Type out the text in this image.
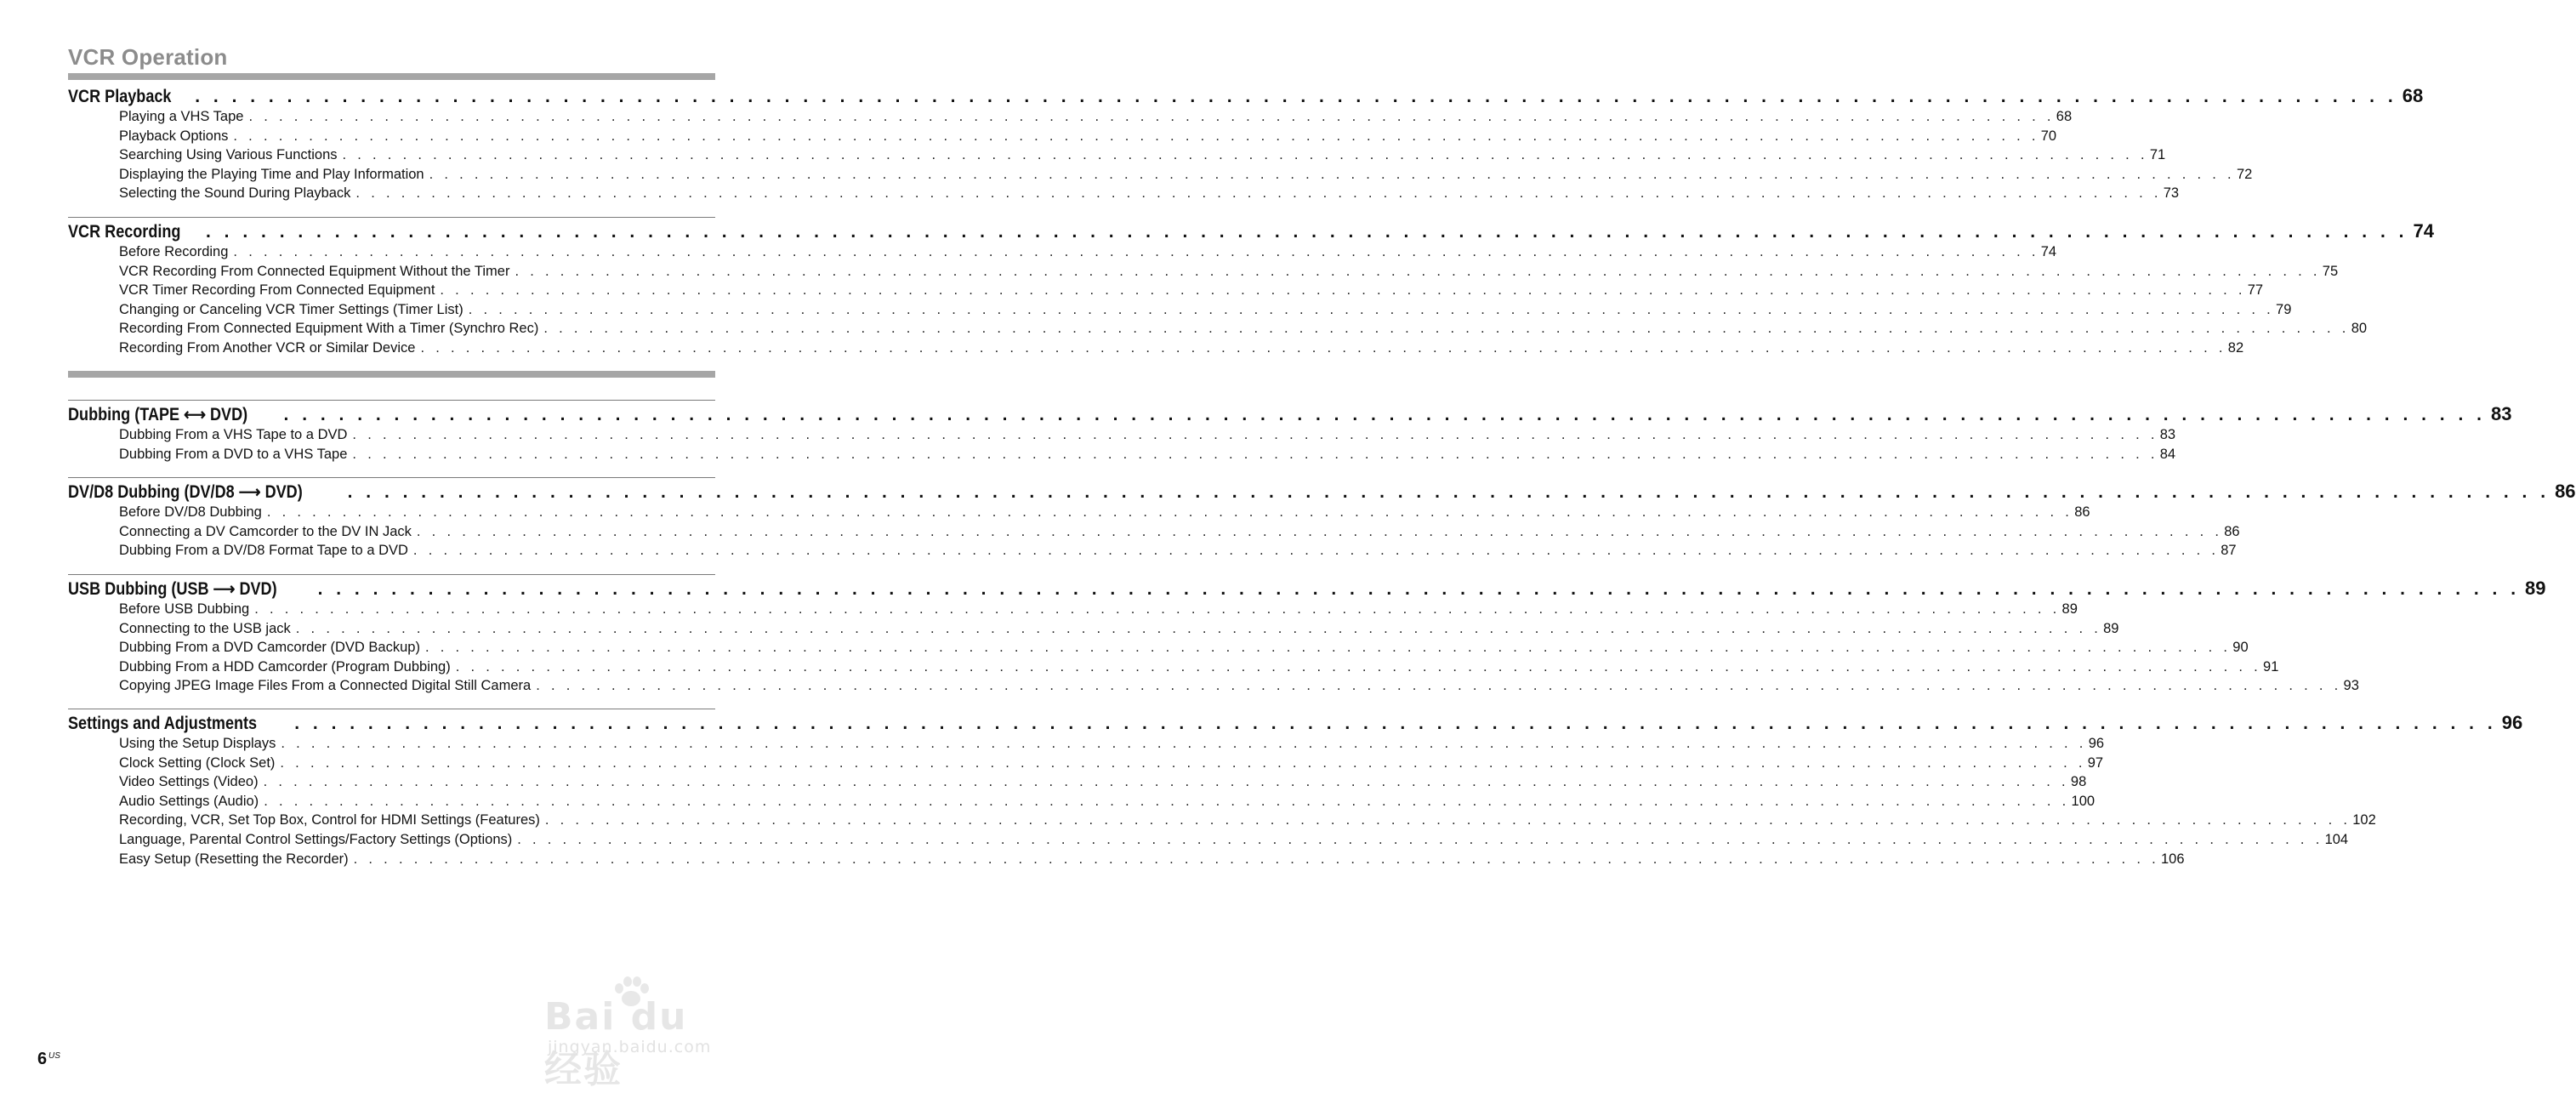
VCR Operation
VCR Playback . . . . . . . . . . . . . . . . . . . . . . . . . . . . . . . . . . . . . . . . . . . . . . . . . . . . . . . . . . . . . . . . . . . . . . . . . . . . . . . . . . . . . . . . . . . . . . . . . . . . . . . . . . . . . . . . . . . . . . . . 68
Playing a VHS Tape . . . . . . . . . . . . . . . . . . . . . . . . . . . . . . . . . . . . . . . . . . . . . . . . . . . . . . . . . . . . . . . . . . . . . . . . . . . . . . . . . . . . . . . . . . . . . . . . . . . . . . . . . . . . . . . . . . . . . . . . 68
Playback Options . . . . . . . . . . . . . . . . . . . . . . . . . . . . . . . . . . . . . . . . . . . . . . . . . . . . . . . . . . . . . . . . . . . . . . . . . . . . . . . . . . . . . . . . . . . . . . . . . . . . . . . . . . . . . . . . . . . . . . . . 70
Searching Using Various Functions . . . . . . . . . . . . . . . . . . . . . . . . . . . . . . . . . . . . . . . . . . . . . . . . . . . . . . . . . . . . . . . . . . . . . . . . . . . . . . . . . . . . . . . . . . . . . . . . . . . . . . . . . . . . . . . . . . . . . . . . 71
Displaying the Playing Time and Play Information . . . . . . . . . . . . . . . . . . . . . . . . . . . . . . . . . . . . . . . . . . . . . . . . . . . . . . . . . . . . . . . . . . . . . . . . . . . . . . . . . . . . . . . . . . . . . . . . . . . . . . . . . . . . . . . . . . . . . . . . 72
Selecting the Sound During Playback . . . . . . . . . . . . . . . . . . . . . . . . . . . . . . . . . . . . . . . . . . . . . . . . . . . . . . . . . . . . . . . . . . . . . . . . . . . . . . . . . . . . . . . . . . . . . . . . . . . . . . . . . . . . . . . . . . . . . . . . 73
VCR Recording . . . . . . . . . . . . . . . . . . . . . . . . . . . . . . . . . . . . . . . . . . . . . . . . . . . . . . . . . . . . . . . . . . . . . . . . . . . . . . . . . . . . . . . . . . . . . . . . . . . . . . . . . . . . . . . . . . . . . . . . 74
Before Recording . . . . . . . . . . . . . . . . . . . . . . . . . . . . . . . . . . . . . . . . . . . . . . . . . . . . . . . . . . . . . . . . . . . . . . . . . . . . . . . . . . . . . . . . . . . . . . . . . . . . . . . . . . . . . . . . . . . . . . . . 74
VCR Recording From Connected Equipment Without the Timer . . . . . . . . . . . . . . . . . . . . . . . . . . . . . . . . . . . . . . . . . . . . . . . . . . . . . . . . . . . . . . . . . . . . . . . . . . . . . . . . . . . . . . . . . . . . . . . . . . . . . . . . . . . . . . . . . . . . . . . . 75
VCR Timer Recording From Connected Equipment . . . . . . . . . . . . . . . . . . . . . . . . . . . . . . . . . . . . . . . . . . . . . . . . . . . . . . . . . . . . . . . . . . . . . . . . . . . . . . . . . . . . . . . . . . . . . . . . . . . . . . . . . . . . . . . . . . . . . . . . 77
Changing or Canceling VCR Timer Settings (Timer List) . . . . . . . . . . . . . . . . . . . . . . . . . . . . . . . . . . . . . . . . . . . . . . . . . . . . . . . . . . . . . . . . . . . . . . . . . . . . . . . . . . . . . . . . . . . . . . . . . . . . . . . . . . . . . . . . . . . . . . . . 79
Recording From Connected Equipment With a Timer (Synchro Rec) . . . . . . . . . . . . . . . . . . . . . . . . . . . . . . . . . . . . . . . . . . . . . . . . . . . . . . . . . . . . . . . . . . . . . . . . . . . . . . . . . . . . . . . . . . . . . . . . . . . . . . . . . . . . . . . . . . . . . . . . 80
Recording From Another VCR or Similar Device . . . . . . . . . . . . . . . . . . . . . . . . . . . . . . . . . . . . . . . . . . . . . . . . . . . . . . . . . . . . . . . . . . . . . . . . . . . . . . . . . . . . . . . . . . . . . . . . . . . . . . . . . . . . . . . . . . . . . . . . 82
Dubbing (TAPE ⟷ DVD) . . . . . . . . . . . . . . . . . . . . . . . . . . . . . . . . . . . . . . . . . . . . . . . . . . . . . . . . . . . . . . . . . . . . . . . . . . . . . . . . . . . . . . . . . . . . . . . . . . . . . . . . . . . . . . . . . . . . . . . . 83
Dubbing From a VHS Tape to a DVD . . . . . . . . . . . . . . . . . . . . . . . . . . . . . . . . . . . . . . . . . . . . . . . . . . . . . . . . . . . . . . . . . . . . . . . . . . . . . . . . . . . . . . . . . . . . . . . . . . . . . . . . . . . . . . . . . . . . . . . . 83
Dubbing From a DVD to a VHS Tape . . . . . . . . . . . . . . . . . . . . . . . . . . . . . . . . . . . . . . . . . . . . . . . . . . . . . . . . . . . . . . . . . . . . . . . . . . . . . . . . . . . . . . . . . . . . . . . . . . . . . . . . . . . . . . . . . . . . . . . . 84
DV/D8 Dubbing (DV/D8 ⟶ DVD)	. . . . . . . . . . . . . . . . . . . . . . . . . . . . . . . . . . . . . . . . . . . . . . . . . . . . . . . . . . . . . . . . . . . . . . . . . . . . . . . . . . . . . . . . . . . . . . . . . . . . . . . . . . . . . . . . . . . . . . . . 86
Before DV/D8 Dubbing . . . . . . . . . . . . . . . . . . . . . . . . . . . . . . . . . . . . . . . . . . . . . . . . . . . . . . . . . . . . . . . . . . . . . . . . . . . . . . . . . . . . . . . . . . . . . . . . . . . . . . . . . . . . . . . . . . . . . . . . 86
Connecting a DV Camcorder to the DV IN Jack . . . . . . . . . . . . . . . . . . . . . . . . . . . . . . . . . . . . . . . . . . . . . . . . . . . . . . . . . . . . . . . . . . . . . . . . . . . . . . . . . . . . . . . . . . . . . . . . . . . . . . . . . . . . . . . . . . . . . . . . 86
Dubbing From a DV/D8 Format Tape to a DVD . . . . . . . . . . . . . . . . . . . . . . . . . . . . . . . . . . . . . . . . . . . . . . . . . . . . . . . . . . . . . . . . . . . . . . . . . . . . . . . . . . . . . . . . . . . . . . . . . . . . . . . . . . . . . . . . . . . . . . . . 87
USB Dubbing (USB ⟶ DVD) . . . . . . . . . . . . . . . . . . . . . . . . . . . . . . . . . . . . . . . . . . . . . . . . . . . . . . . . . . . . . . . . . . . . . . . . . . . . . . . . . . . . . . . . . . . . . . . . . . . . . . . . . . . . . . . . . . . . . . . . 89
Before USB Dubbing . . . . . . . . . . . . . . . . . . . . . . . . . . . . . . . . . . . . . . . . . . . . . . . . . . . . . . . . . . . . . . . . . . . . . . . . . . . . . . . . . . . . . . . . . . . . . . . . . . . . . . . . . . . . . . . . . . . . . . . . 89
Connecting to the USB jack . . . . . . . . . . . . . . . . . . . . . . . . . . . . . . . . . . . . . . . . . . . . . . . . . . . . . . . . . . . . . . . . . . . . . . . . . . . . . . . . . . . . . . . . . . . . . . . . . . . . . . . . . . . . . . . . . . . . . . . . 89
Dubbing From a DVD Camcorder (DVD Backup) . . . . . . . . . . . . . . . . . . . . . . . . . . . . . . . . . . . . . . . . . . . . . . . . . . . . . . . . . . . . . . . . . . . . . . . . . . . . . . . . . . . . . . . . . . . . . . . . . . . . . . . . . . . . . . . . . . . . . . . . 90
Dubbing From a HDD Camcorder (Program Dubbing) . . . . . . . . . . . . . . . . . . . . . . . . . . . . . . . . . . . . . . . . . . . . . . . . . . . . . . . . . . . . . . . . . . . . . . . . . . . . . . . . . . . . . . . . . . . . . . . . . . . . . . . . . . . . . . . . . . . . . . . . 91
Copying JPEG Image Files From a Connected Digital Still Camera . . . . . . . . . . . . . . . . . . . . . . . . . . . . . . . . . . . . . . . . . . . . . . . . . . . . . . . . . . . . . . . . . . . . . . . . . . . . . . . . . . . . . . . . . . . . . . . . . . . . . . . . . . . . . . . . . . . . . . . . 93
Settings and Adjustments . . . . . . . . . . . . . . . . . . . . . . . . . . . . . . . . . . . . . . . . . . . . . . . . . . . . . . . . . . . . . . . . . . . . . . . . . . . . . . . . . . . . . . . . . . . . . . . . . . . . . . . . . . . . . . . . . . . . . . . . 96
Using the Setup Displays . . . . . . . . . . . . . . . . . . . . . . . . . . . . . . . . . . . . . . . . . . . . . . . . . . . . . . . . . . . . . . . . . . . . . . . . . . . . . . . . . . . . . . . . . . . . . . . . . . . . . . . . . . . . . . . . . . . . . . . . 96
Clock Setting (Clock Set) . . . . . . . . . . . . . . . . . . . . . . . . . . . . . . . . . . . . . . . . . . . . . . . . . . . . . . . . . . . . . . . . . . . . . . . . . . . . . . . . . . . . . . . . . . . . . . . . . . . . . . . . . . . . . . . . . . . . . . . . 97
Video Settings (Video) . . . . . . . . . . . . . . . . . . . . . . . . . . . . . . . . . . . . . . . . . . . . . . . . . . . . . . . . . . . . . . . . . . . . . . . . . . . . . . . . . . . . . . . . . . . . . . . . . . . . . . . . . . . . . . . . . . . . . . . . 98
Audio Settings (Audio) . . . . . . . . . . . . . . . . . . . . . . . . . . . . . . . . . . . . . . . . . . . . . . . . . . . . . . . . . . . . . . . . . . . . . . . . . . . . . . . . . . . . . . . . . . . . . . . . . . . . . . . . . . . . . . . . . . . . . . . . 100
Recording, VCR, Set Top Box, Control for HDMI Settings (Features) . . . . . . . . . . . . . . . . . . . . . . . . . . . . . . . . . . . . . . . . . . . . . . . . . . . . . . . . . . . . . . . . . . . . . . . . . . . . . . . . . . . . . . . . . . . . . . . . . . . . . . . . . . . . . . . . . . . . . . . . 102
Language, Parental Control Settings/Factory Settings (Options) . . . . . . . . . . . . . . . . . . . . . . . . . . . . . . . . . . . . . . . . . . . . . . . . . . . . . . . . . . . . . . . . . . . . . . . . . . . . . . . . . . . . . . . . . . . . . . . . . . . . . . . . . . . . . . . . . . . . . . . . 104
Easy Setup (Resetting the Recorder) . . . . . . . . . . . . . . . . . . . . . . . . . . . . . . . . . . . . . . . . . . . . . . . . . . . . . . . . . . . . . . . . . . . . . . . . . . . . . . . . . . . . . . . . . . . . . . . . . . . . . . . . . . . . . . . . . . . . . . . . 106
6 US
Bai du 经验
jingyan.baidu.com
